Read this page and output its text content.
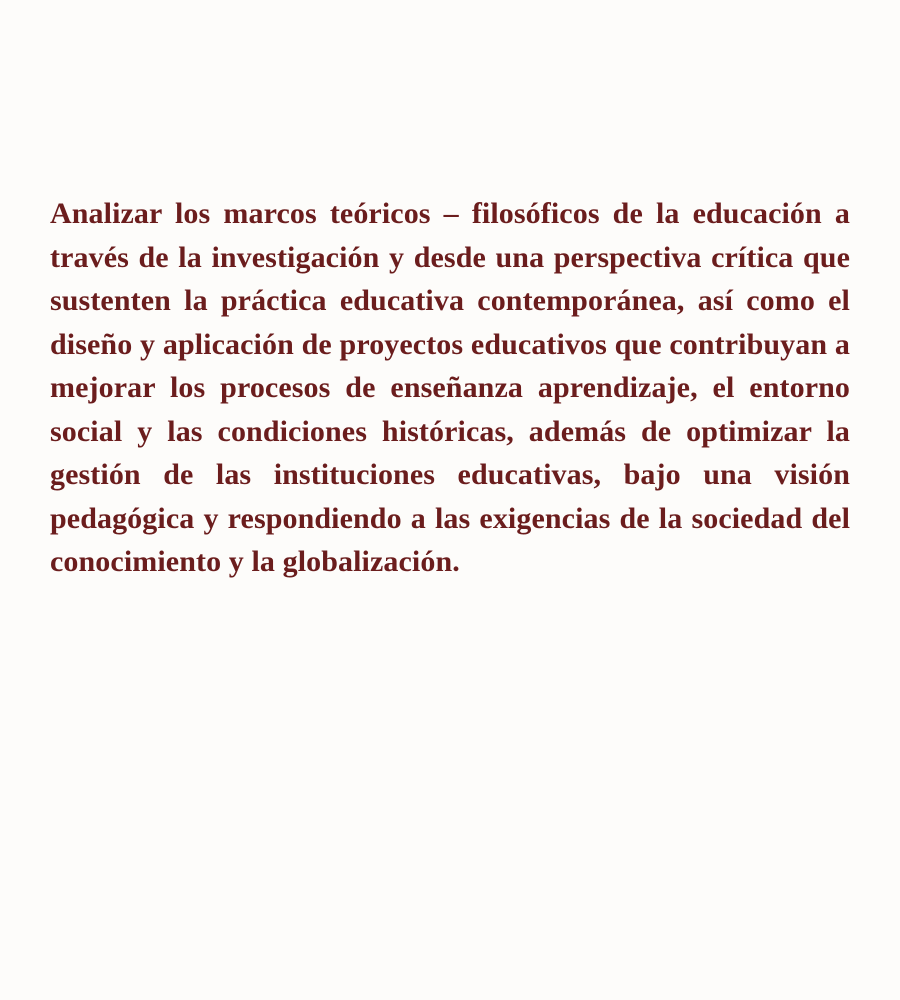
Analizar los marcos teóricos – filosóficos de la educación a través de la investigación y desde una perspectiva crítica que sustenten la práctica educativa contemporánea, así como el diseño y aplicación de proyectos educativos que contribuyan a mejorar los procesos de enseñanza aprendizaje, el entorno social y las condiciones históricas, además de optimizar la gestión de las instituciones educativas, bajo una visión pedagógica y respondiendo a las exigencias de la sociedad del conocimiento y la globalización.
